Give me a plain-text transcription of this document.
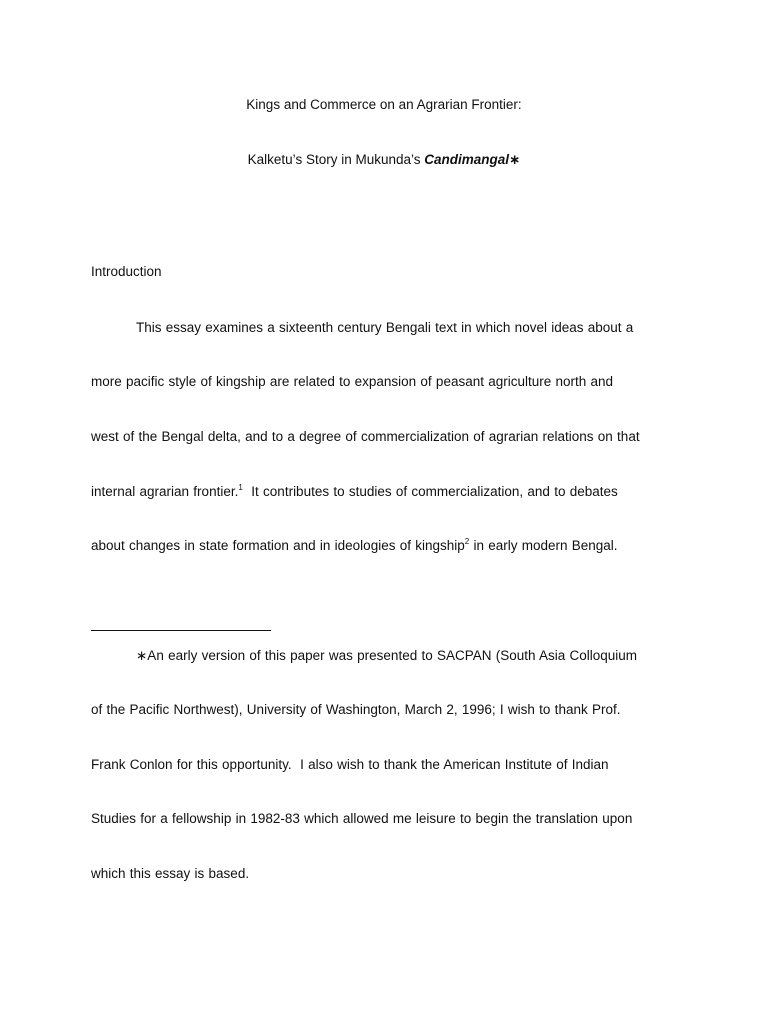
Kings and Commerce on an Agrarian Frontier:
Kalketu’s Story in Mukunda’s Candimangal∗
Introduction
This essay examines a sixteenth century Bengali text in which novel ideas about a
more pacific style of kingship are related to expansion of peasant agriculture north and
west of the Bengal delta, and to a degree of commercialization of agrarian relations on that
internal agrarian frontier.$^1$  It contributes to studies of commercialization, and to debates
about changes in state formation and in ideologies of kingship$^2$ in early modern Bengal.
∗An early version of this paper was presented to SACPAN (South Asia Colloquium
of the Pacific Northwest), University of Washington, March 2, 1996; I wish to thank Prof.
Frank Conlon for this opportunity.  I also wish to thank the American Institute of Indian
Studies for a fellowship in 1982-83 which allowed me leisure to begin the translation upon
which this essay is based.
